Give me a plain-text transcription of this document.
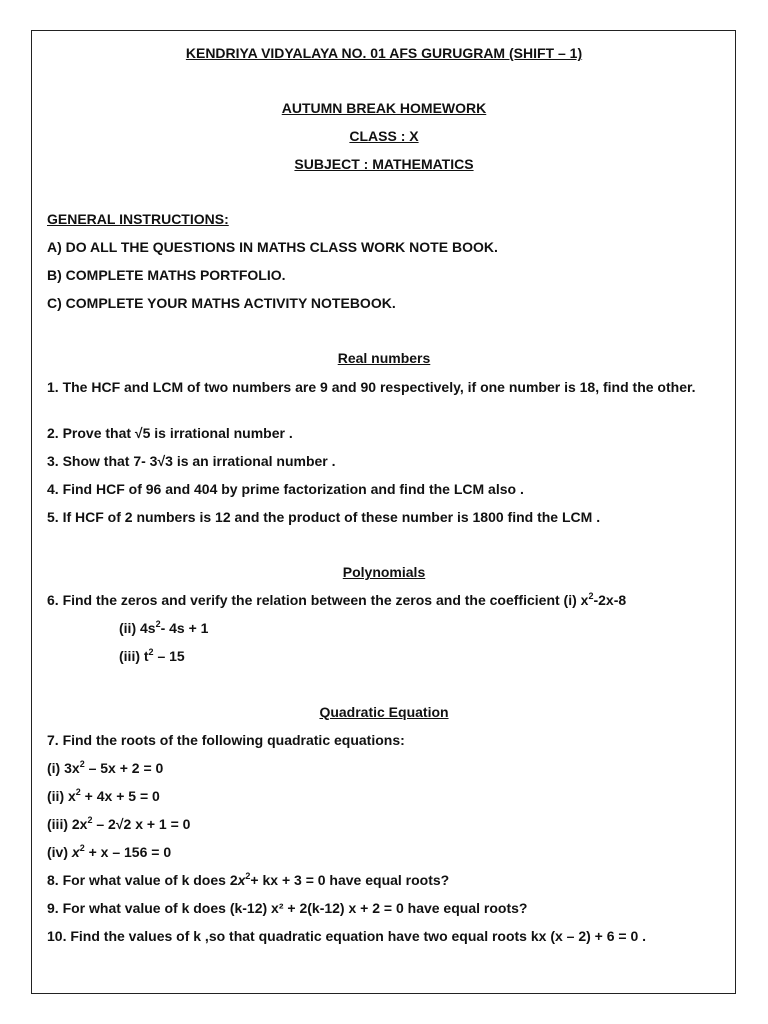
KENDRIYA VIDYALAYA NO. 01 AFS GURUGRAM (SHIFT – 1)
AUTUMN BREAK HOMEWORK
CLASS : X
SUBJECT : MATHEMATICS
GENERAL INSTRUCTIONS:
A) DO ALL THE QUESTIONS IN MATHS CLASS WORK NOTE BOOK.
B) COMPLETE MATHS PORTFOLIO.
C) COMPLETE YOUR MATHS ACTIVITY NOTEBOOK.
Real numbers
1. The HCF and LCM of two numbers are 9 and 90 respectively, if one number is 18, find the other.
2. Prove that √5 is irrational number .
3. Show that 7- 3√3 is an irrational number .
4. Find HCF of 96 and 404 by prime factorization and find the LCM also .
5. If HCF of 2 numbers is 12 and the product of these number is 1800 find the LCM .
Polynomials
6. Find the zeros and verify the relation between the zeros and the coefficient (i) $x^2-2x-8$
(ii) $4s^2-$ 4s + 1
(iii) $t^2 - 15$
Quadratic Equation
7. Find the roots of the following quadratic equations:
(i) $3x^2 - 5x + 2 = 0$
(ii) $x^2 + 4x + 5 = 0$
(iii) $2x^2 - 2√2$ x + 1 = 0
(iv) $x^2 + x - 156 = 0$
8. For what value of k does $2x^2+$ kx + 3 = 0 have equal roots?
9. For what value of k does (k-12) x² + 2(k-12) x + 2 = 0 have equal roots?
10. Find the values of k ,so that quadratic equation have two equal roots kx (x – 2) + 6 = 0 .
